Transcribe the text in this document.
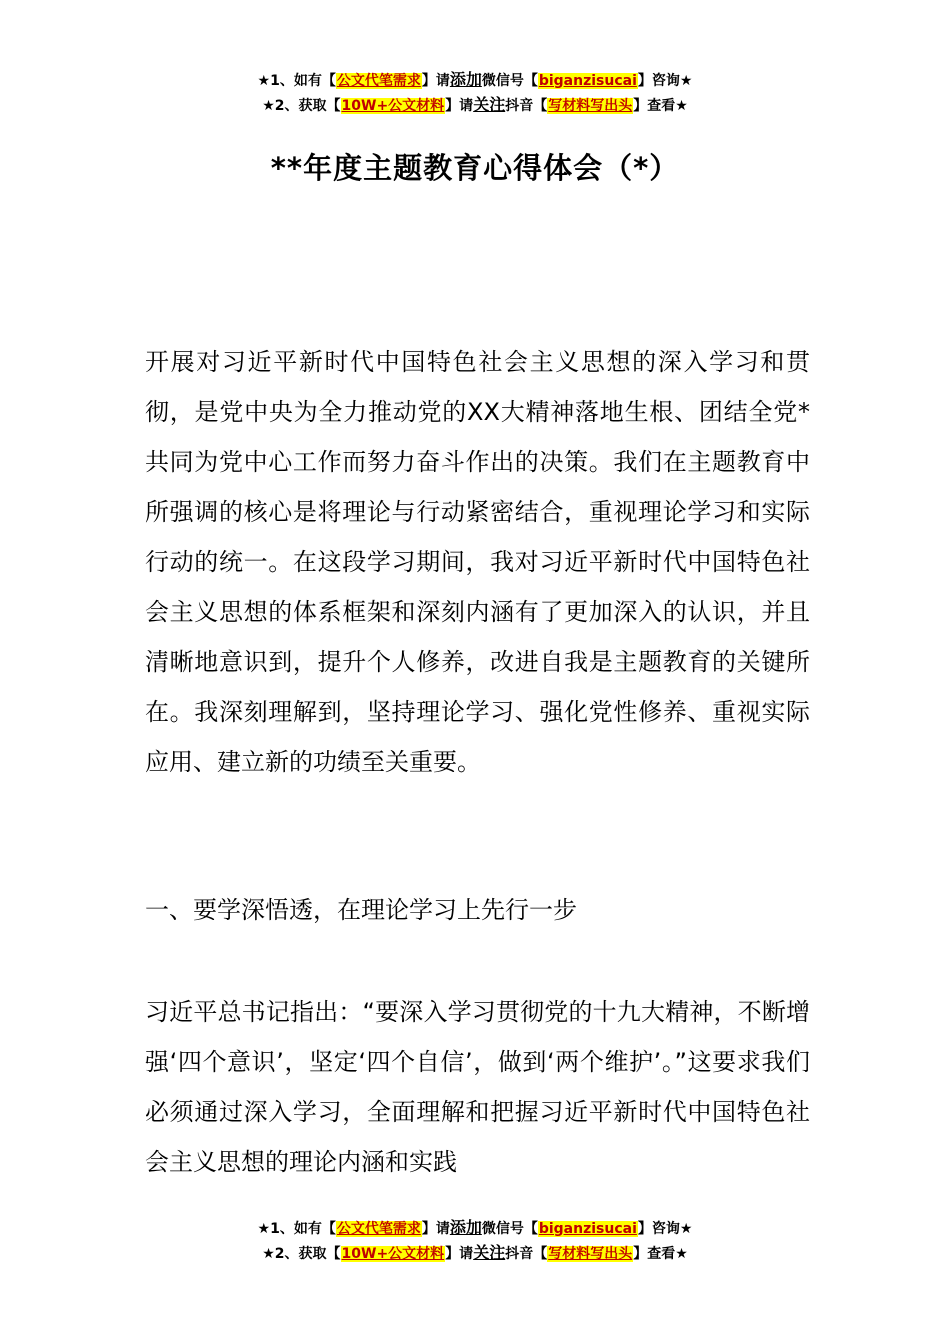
★1、如有【公文代笔需求】请添加微信号【biganzisucai】咨询★
★2、获取【10W+公文材料】请关注抖音【写材料写出头】查看★
**年度主题教育心得体会（*）

开展对习近平新时代中国特色社会主义思想的深入学习和贯彻，是党中央为全力推动党的XX大精神落地生根、团结全党*共同为党中心工作而努力奋斗作出的决策。我们在主题教育中所强调的核心是将理论与行动紧密结合，重视理论学习和实际行动的统一。在这段学习期间，我对习近平新时代中国特色社会主义思想的体系框架和深刻内涵有了更加深入的认识，并且清晰地意识到，提升个人修养，改进自我是主题教育的关键所在。我深刻理解到，坚持理论学习、强化党性修养、重视实际应用、建立新的功绩至关重要。

一、要学深悟透，在理论学习上先行一步

习近平总书记指出：“要深入学习贯彻党的十九大精神，不断增强‘四个意识’，坚定‘四个自信’，做到‘两个维护’。”这要求我们必须通过深入学习，全面理解和把握习近平新时代中国特色社会主义思想的理论内涵和实践

★1、如有【公文代笔需求】请添加微信号【biganzisucai】咨询★
★2、获取【10W+公文材料】请关注抖音【写材料写出头】查看★
